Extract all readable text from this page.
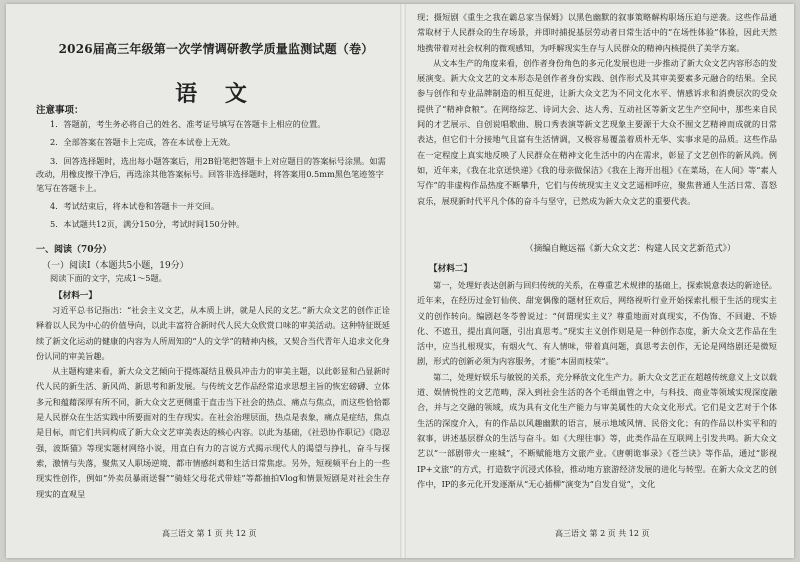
2026届高三年级第一次学情调研教学质量监测试题（卷）
语 文
注意事项：

1．答题前，考生务必将自己的姓名、准考证号填写在答题卡上相应的位置。

2．全部答案在答题卡上完成，答在本试卷上无效。

3．回答选择题时，选出每小题答案后，用2B铅笔把答题卡上对应题目的答案标号涂黑。如需改动，用橡皮擦干净后，再选涂其他答案标号。回答非选择题时，将答案用0.5mm黑色笔迹签字笔写在答题卡上。

4．考试结束后，将本试卷和答题卡一并交回。

5．本试题共12页，满分150分，考试时间150分钟。

一、阅读（70分）
（一）阅读Ⅰ（本题共5小题，19分）
阅读下面的文字，完成1～5题。
【材料一】

习近平总书记指出：“社会主义文艺，从本质上讲，就是人民的文艺。”新大众文艺的创作正诠释着以人民为中心的价值导向，以此丰富符合新时代人民大众欣赏口味的审美活动。这种特征既延续了新文化运动的健康的内容为人所周知的“人的文学”的精神内核，又契合当代青年人追求文化身份认同的审美旨趣。

从主题构建来看，新大众文艺倾向于提炼凝结且极具冲击力的审美主题，以此彰显和凸显新时代人民的新生活、新风尚、新思考和新发展。与传统文艺作品经常追求思想主旨的恢宏磅礴、立体多元和蕴藉深厚有所不同，新大众文艺更侧重于直击当下社会的热点、痛点与焦点，而这些恰恰都是人民群众在生活实践中所要面对的生存现实。在社会治理层面，热点是表象，痛点是症结，焦点是目标，而它们共同构成了新大众文艺审美表达的核心内容。以此为基础，《社恐协作职记》《隐忍强，波斯猫》等现实题材网络小说，用直白有力的言说方式揭示现代人的渴望与挣扎，奋斗与探索，激情与失落，聚焦又人职场逆境、都市情感纠葛和生活日常焦虑。另外，短视频平台上的一些现实性创作，例如“外卖员暴雨送餐”“骑娃父母花式带娃”等都抽拍Vlog和情景短剧是对社会生存现实的直观呈

高三语文 第 1 页 共 12 页

现；摄短剧《重生之我在霸总家当保姆》以黑色幽默的叙事策略解构职场压迫与逆袭。这些作品通常取材于人民群众的生存场景，并即时捕捉基层劳动者日常生活中的“在场性体验”体验，因此天然地携带着对社会权利的微观感知，为呼解现实生存与人民群众的精神内核提供了美学方案。

从文本生产的角度来看，创作者身份角色的多元化发展也进一步推动了新大众文艺内容形态的发展演变。新大众文艺的文本形态是创作者身份实践、创作形式及其审美要素多元融合的结果。全民参与创作和专业品牌制造的相互促进，让新大众文艺为不同文化水平、情感诉求和消费层次的受众提供了“精神食粮”。在网络综艺、诗词大会、达人秀、互动社区等新文艺生产空间中，那些来自民间的才艺展示、自创说唱歌曲、脱口秀表演等新文艺现象主要源于大众不囿文艺精神而成就的日常表达，但它们十分接地气且富有生活情调，又极容易覆盖着质朴无华、实事求是的品质。这些作品在一定程度上真实地反映了人民群众在精神文化生活中的内在需求，彰显了文艺创作的新风尚。例如，近年来，《我在北京送快递》《我的母亲做保洁》《我在上海开出租》《在菜场，在人间》等“素人写作”的非虚构作品热度不断攀升，它们与传统现实主义文艺遥相呼应，聚焦普通人生活日常、喜怒哀乐，展现新时代平凡个体的奋斗与坚守，已然成为新大众文艺的重要代表。

（摘编自鲍远福《新大众文艺：构建人民文艺新范式》）
【材料二】

第一，处理好表达创新与回归传统的关系，在尊重艺术规律的基础上，探索锐意表达的新途径。近年来，在经历过金钉仙侠、甜宠偶像的题材狂欢后，网络视听行业开始探索扎根于生活的现实主义的创作转向。编剧赵冬苓曾说过：“何谓现实主义？尊重地面对真现实，不伪饰、不回避、不矫化、不遮丑，提出真问题，引出真思考。”现实主义创作则是是一种创作态度，新大众文艺作品在生活中，应当扎根现实，有烟火气、有人情味，带着真问题，真思考去创作，无论是网络剧还是微短剧，形式的创新必须为内容服务，才能“本固而枝荣”。

第二，处理好娱乐与敏锐的关系，充分释放文化生产力。新大众文艺正在超越传统意义上文以载道、娱情悦性的文艺范畴，深入到社会生活的各个毛细血管之中，与科技、商业等领域实现深度融合，并与之交融的领域，成为具有文化生产能力与审美属性的大众文化形式。它们是文艺对于个体生活的深度介入，有的作品以风趣幽默的语言，展示地域风情、民俗文化；有的作品以朴实平和的叙事，讲述基层群众的生活与奋斗。如《大理往事》等，此类作品在互联网上引发共鸣。新大众文艺以“一部剧带火一座城”，不断赋能地方文旅产业。《唐朝诡事录》《苍兰诀》等作品，通过“影视IP+文旅”的方式，打造数字沉浸式体验，推动地方旅游经济发展的进化与转型。在新大众文艺的创作中，IP的多元化开发逐渐从“无心插柳”演变为“自发自觉”，文化

高三语文 第 2 页 共 12 页
